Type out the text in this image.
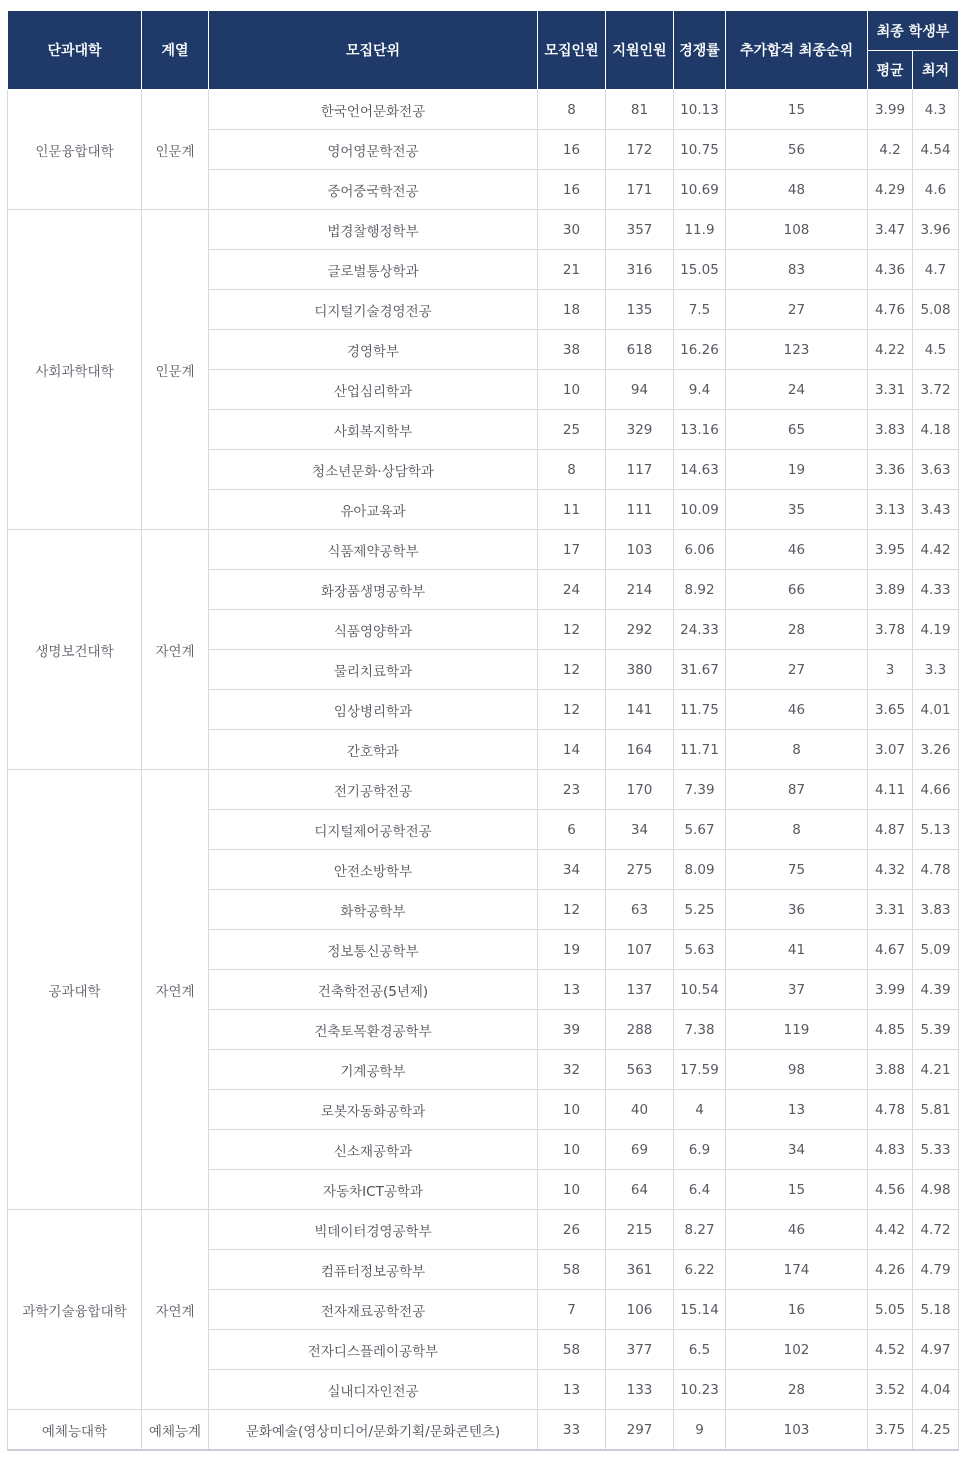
단과대학	계열	모집단위	모집인원	지원인원	경쟁률	추가합격 최종순위	최종 학생부	
							평균	최저
인문융합대학	인문계	한국언어문화전공	8	81	10.13	15	3.99	4.3
		영어영문학전공	16	172	10.75	56	4.2	4.54
		중어중국학전공	16	171	10.69	48	4.29	4.6
사회과학대학	인문계	법경찰행정학부	30	357	11.9	108	3.47	3.96
		글로벌통상학과	21	316	15.05	83	4.36	4.7
		디지털기술경영전공	18	135	7.5	27	4.76	5.08
		경영학부	38	618	16.26	123	4.22	4.5
		산업심리학과	10	94	9.4	24	3.31	3.72
		사회복지학부	25	329	13.16	65	3.83	4.18
		청소년문화·상담학과	8	117	14.63	19	3.36	3.63
		유아교육과	11	111	10.09	35	3.13	3.43
생명보건대학	자연계	식품제약공학부	17	103	6.06	46	3.95	4.42
		화장품생명공학부	24	214	8.92	66	3.89	4.33
		식품영양학과	12	292	24.33	28	3.78	4.19
		물리치료학과	12	380	31.67	27	3	3.3
		임상병리학과	12	141	11.75	46	3.65	4.01
		간호학과	14	164	11.71	8	3.07	3.26
공과대학	자연계	전기공학전공	23	170	7.39	87	4.11	4.66
		디지털제어공학전공	6	34	5.67	8	4.87	5.13
		안전소방학부	34	275	8.09	75	4.32	4.78
		화학공학부	12	63	5.25	36	3.31	3.83
		정보통신공학부	19	107	5.63	41	4.67	5.09
		건축학전공(5년제)	13	137	10.54	37	3.99	4.39
		건축토목환경공학부	39	288	7.38	119	4.85	5.39
		기계공학부	32	563	17.59	98	3.88	4.21
		로봇자동화공학과	10	40	4	13	4.78	5.81
		신소재공학과	10	69	6.9	34	4.83	5.33
		자동차ICT공학과	10	64	6.4	15	4.56	4.98
과학기술융합대학	자연계	빅데이터경영공학부	26	215	8.27	46	4.42	4.72
		컴퓨터정보공학부	58	361	6.22	174	4.26	4.79
		전자재료공학전공	7	106	15.14	16	5.05	5.18
		전자디스플레이공학부	58	377	6.5	102	4.52	4.97
		실내디자인전공	13	133	10.23	28	3.52	4.04
예체능대학	예체능계	문화예술(영상미디어/문화기획/문화콘텐츠)	33	297	9	103	3.75	4.25
